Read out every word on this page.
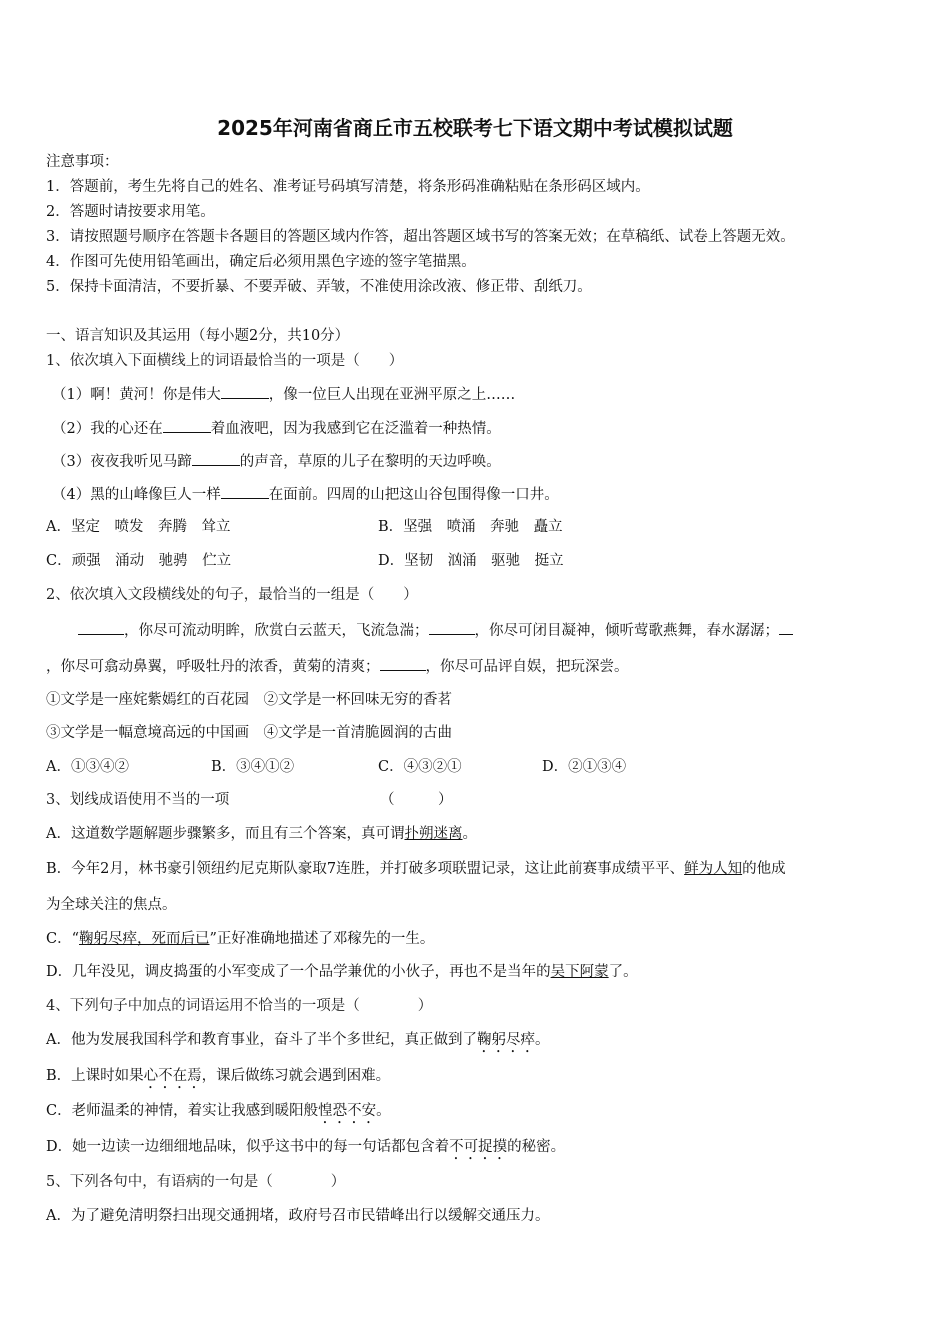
2025年河南省商丘市五校联考七下语文期中考试模拟试题
注意事项：
1．答题前，考生先将自己的姓名、准考证号码填写清楚，将条形码准确粘贴在条形码区域内。
2．答题时请按要求用笔。
3．请按照题号顺序在答题卡各题目的答题区域内作答，超出答题区域书写的答案无效；在草稿纸、试卷上答题无效。
4．作图可先使用铅笔画出，确定后必须用黑色字迹的签字笔描黑。
5．保持卡面清洁，不要折暴、不要弄破、弄皱，不准使用涂改液、修正带、刮纸刀。
一、语言知识及其运用（每小题2分，共10分）
1、依次填入下面横线上的词语最恰当的一项是（　　）
（1）啊！黄河！你是伟大	，像一位巨人出现在亚洲平原之上……
（2）我的心还在	着血液吧，因为我感到它在泛滥着一种热情。
（3）夜夜我听见马蹄	的声音，草原的儿子在黎明的天边呼唤。
（4）黑的山峰像巨人一样	在面前。四周的山把这山谷包围得像一口井。
A．坚定　喷发　奔腾　耸立	B．坚强　喷涌　奔驰　矗立
C．顽强　涌动　驰骋　伫立	D．坚韧　汹涌　驱驰　挺立
2、依次填入文段横线处的句子，最恰当的一组是（　　）
，你尽可流动明眸，欣赏白云蓝天，飞流急湍；	，你尽可闭目凝神，倾听莺歌燕舞，春水潺潺；
，你尽可翕动鼻翼，呼吸牡丹的浓香，黄菊的清爽；	，你尽可品评自娱，把玩深尝。
①文学是一座姹紫嫣红的百花园　②文学是一杯回味无穷的香茗
③文学是一幅意境高远的中国画　④文学是一首清脆圆润的古曲
A．①③④②	B．③④①②	C．④③②①	D．②①③④
3、划线成语使用不当的一项	（　　　）
A．这道数学题解题步骤繁多，而且有三个答案，真可谓扑朔迷离。
B．今年2月，林书豪引领纽约尼克斯队豪取7连胜，并打破多项联盟记录，这让此前赛事成绩平平、鲜为人知的他成
为全球关注的焦点。
C．“鞠躬尽瘁，死而后已”正好准确地描述了邓稼先的一生。
D．几年没见，调皮捣蛋的小军变成了一个品学兼优的小伙子，再也不是当年的吴下阿蒙了。
4、下列句子中加点的词语运用不恰当的一项是（　　　　）
A．他为发展我国科学和教育事业，奋斗了半个多世纪，真正做到了鞠躬尽瘁。
B．上课时如果心不在焉，课后做练习就会遇到困难。
C．老师温柔的神情，着实让我感到暖阳般惶恐不安。
D．她一边读一边细细地品味，似乎这书中的每一句话都包含着不可捉摸的秘密。
5、下列各句中，有语病的一句是（　　　　）
A．为了避免清明祭扫出现交通拥堵，政府号召市民错峰出行以缓解交通压力。
